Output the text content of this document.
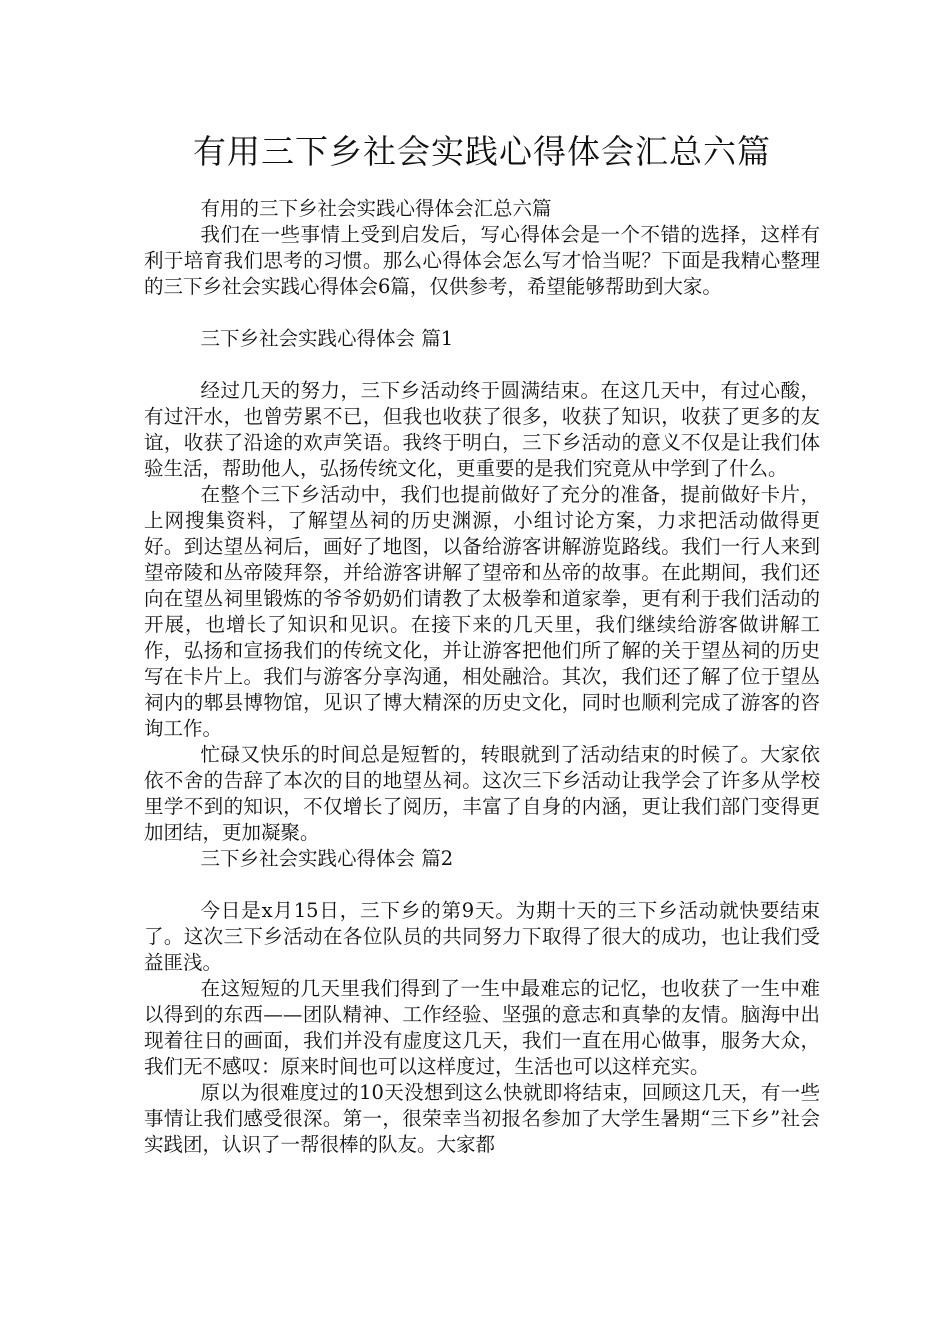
有用三下乡社会实践心得体会汇总六篇

有用的三下乡社会实践心得体会汇总六篇

我们在一些事情上受到启发后，写心得体会是一个不错的选择，这样有利于培育我们思考的习惯。那么心得体会怎么写才恰当呢？下面是我精心整理的三下乡社会实践心得体会6篇，仅供参考，希望能够帮助到大家。

三下乡社会实践心得体会 篇1

经过几天的努力，三下乡活动终于圆满结束。在这几天中，有过心酸，有过汗水，也曾劳累不已，但我也收获了很多，收获了知识，收获了更多的友谊，收获了沿途的欢声笑语。我终于明白，三下乡活动的意义不仅是让我们体验生活，帮助他人，弘扬传统文化，更重要的是我们究竟从中学到了什么。

在整个三下乡活动中，我们也提前做好了充分的准备，提前做好卡片，上网搜集资料，了解望丛祠的历史渊源，小组讨论方案，力求把活动做得更好。到达望丛祠后，画好了地图，以备给游客讲解游览路线。我们一行人来到望帝陵和丛帝陵拜祭，并给游客讲解了望帝和丛帝的故事。在此期间，我们还向在望丛祠里锻炼的爷爷奶奶们请教了太极拳和道家拳，更有利于我们活动的开展，也增长了知识和见识。在接下来的几天里，我们继续给游客做讲解工作，弘扬和宣扬我们的传统文化，并让游客把他们所了解的关于望丛祠的历史写在卡片上。我们与游客分享沟通，相处融洽。其次，我们还了解了位于望丛祠内的郫县博物馆，见识了博大精深的历史文化，同时也顺利完成了游客的咨询工作。

忙碌又快乐的时间总是短暂的，转眼就到了活动结束的时候了。大家依依不舍的告辞了本次的目的地望丛祠。这次三下乡活动让我学会了许多从学校里学不到的知识，不仅增长了阅历，丰富了自身的内涵，更让我们部门变得更加团结，更加凝聚。

三下乡社会实践心得体会 篇2

今日是x月15日，三下乡的第9天。为期十天的三下乡活动就快要结束了。这次三下乡活动在各位队员的共同努力下取得了很大的成功，也让我们受益匪浅。

在这短短的几天里我们得到了一生中最难忘的记忆，也收获了一生中难以得到的东西——团队精神、工作经验、坚强的意志和真挚的友情。脑海中出现着往日的画面，我们并没有虚度这几天，我们一直在用心做事，服务大众，我们无不感叹：原来时间也可以这样度过，生活也可以这样充实。

原以为很难度过的10天没想到这么快就即将结束，回顾这几天，有一些事情让我们感受很深。第一，很荣幸当初报名参加了大学生暑期“三下乡”社会实践团，认识了一帮很棒的队友。大家都
